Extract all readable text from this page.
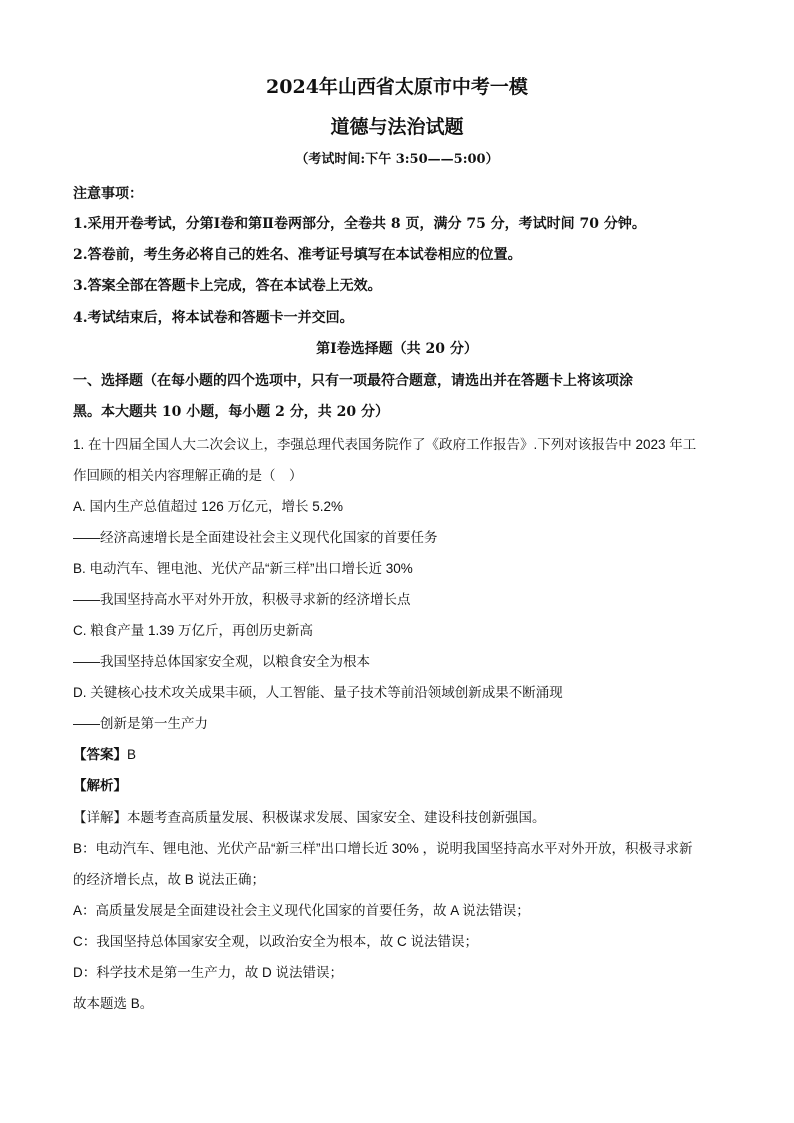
2024年山西省太原市中考一模
道德与法治试题
（考试时间:下午 3:50——5:00）
注意事项：
1.采用开卷考试，分第Ⅰ卷和第Ⅱ卷两部分，全卷共 8 页，满分 75 分，考试时间 70 分钟。
2.答卷前，考生务必将自己的姓名、准考证号填写在本试卷相应的位置。
3.答案全部在答题卡上完成，答在本试卷上无效。
4.考试结束后，将本试卷和答题卡一并交回。
第Ⅰ卷选择题（共 20 分）
一、选择题（在每小题的四个选项中，只有一项最符合题意，请选出并在答题卡上将该项涂
黑。本大题共 10 小题，每小题 2 分，共 20 分）
1. 在十四届全国人大二次会议上，李强总理代表国务院作了《政府工作报告》.下列对该报告中 2023 年工
作回顾的相关内容理解正确的是（　）
A. 国内生产总值超过 126 万亿元，增长 5.2%
——经济高速增长是全面建设社会主义现代化国家的首要任务
B. 电动汽车、锂电池、光伏产品“新三样”出口增长近 30%
——我国坚持高水平对外开放，积极寻求新的经济增长点
C. 粮食产量 1.39 万亿斤，再创历史新高
——我国坚持总体国家安全观，以粮食安全为根本
D. 关键核心技术攻关成果丰硕，人工智能、量子技术等前沿领域创新成果不断涌现
——创新是第一生产力
【答案】B
【解析】
【详解】本题考查高质量发展、积极谋求发展、国家安全、建设科技创新强国。
B：电动汽车、锂电池、光伏产品“新三样”出口增长近 30% ，说明我国坚持高水平对外开放，积极寻求新
的经济增长点，故 B 说法正确；
A：高质量发展是全面建设社会主义现代化国家的首要任务，故 A 说法错误；
C：我国坚持总体国家安全观，以政治安全为根本，故 C 说法错误；
D：科学技术是第一生产力，故 D 说法错误；
故本题选 B。
